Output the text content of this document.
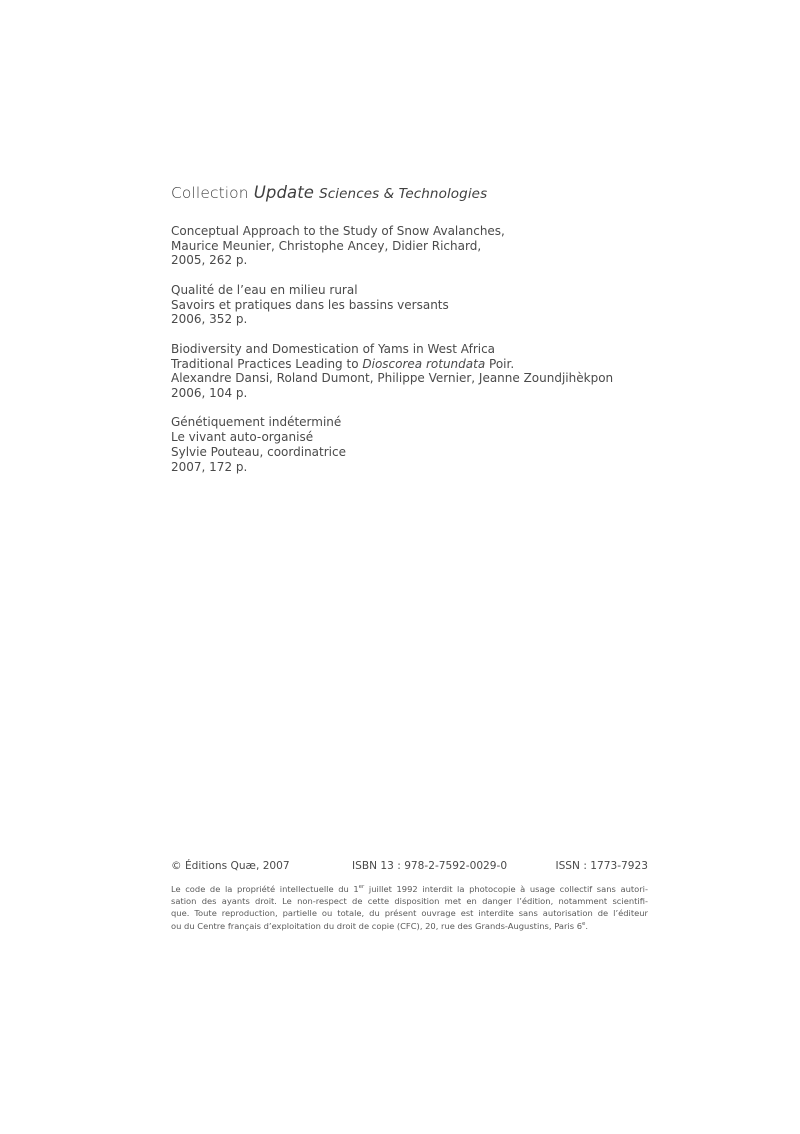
Collection Update Sciences & Technologies
Conceptual Approach to the Study of Snow Avalanches,
Maurice Meunier, Christophe Ancey, Didier Richard,
2005, 262 p.
Qualité de l’eau en milieu rural
Savoirs et pratiques dans les bassins versants
2006, 352 p.
Biodiversity and Domestication of Yams in West Africa
Traditional Practices Leading to Dioscorea rotundata Poir.
Alexandre Dansi, Roland Dumont, Philippe Vernier, Jeanne Zoundjihèkpon
2006, 104 p.
Génétiquement indéterminé
Le vivant auto-organisé
Sylvie Pouteau, coordinatrice
2007, 172 p.
© Éditions Quæ, 2007	ISBN 13 : 978-2-7592-0029-0	ISSN : 1773-7923
Le code de la propriété intellectuelle du 1er juillet 1992 interdit la photocopie à usage collectif sans autori-
sation des ayants droit. Le non-respect de cette disposition met en danger l’édition, notamment scientifi-
que. Toute reproduction, partielle ou totale, du présent ouvrage est interdite sans autorisation de l’éditeur
ou du Centre français d’exploitation du droit de copie (CFC), 20, rue des Grands-Augustins, Paris 6e.
